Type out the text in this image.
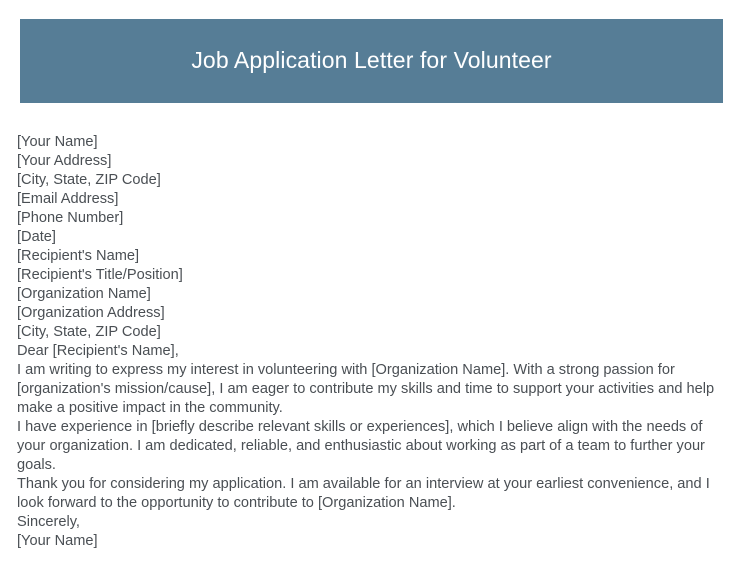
Job Application Letter for Volunteer
[Your Name]
[Your Address]
[City, State, ZIP Code]
[Email Address]
[Phone Number]
[Date]
[Recipient's Name]
[Recipient's Title/Position]
[Organization Name]
[Organization Address]
[City, State, ZIP Code]
Dear [Recipient's Name],
I am writing to express my interest in volunteering with [Organization Name]. With a strong passion for [organization's mission/cause], I am eager to contribute my skills and time to support your activities and help make a positive impact in the community.
I have experience in [briefly describe relevant skills or experiences], which I believe align with the needs of your organization. I am dedicated, reliable, and enthusiastic about working as part of a team to further your goals.
Thank you for considering my application. I am available for an interview at your earliest convenience, and I look forward to the opportunity to contribute to [Organization Name].
Sincerely,
[Your Name]
